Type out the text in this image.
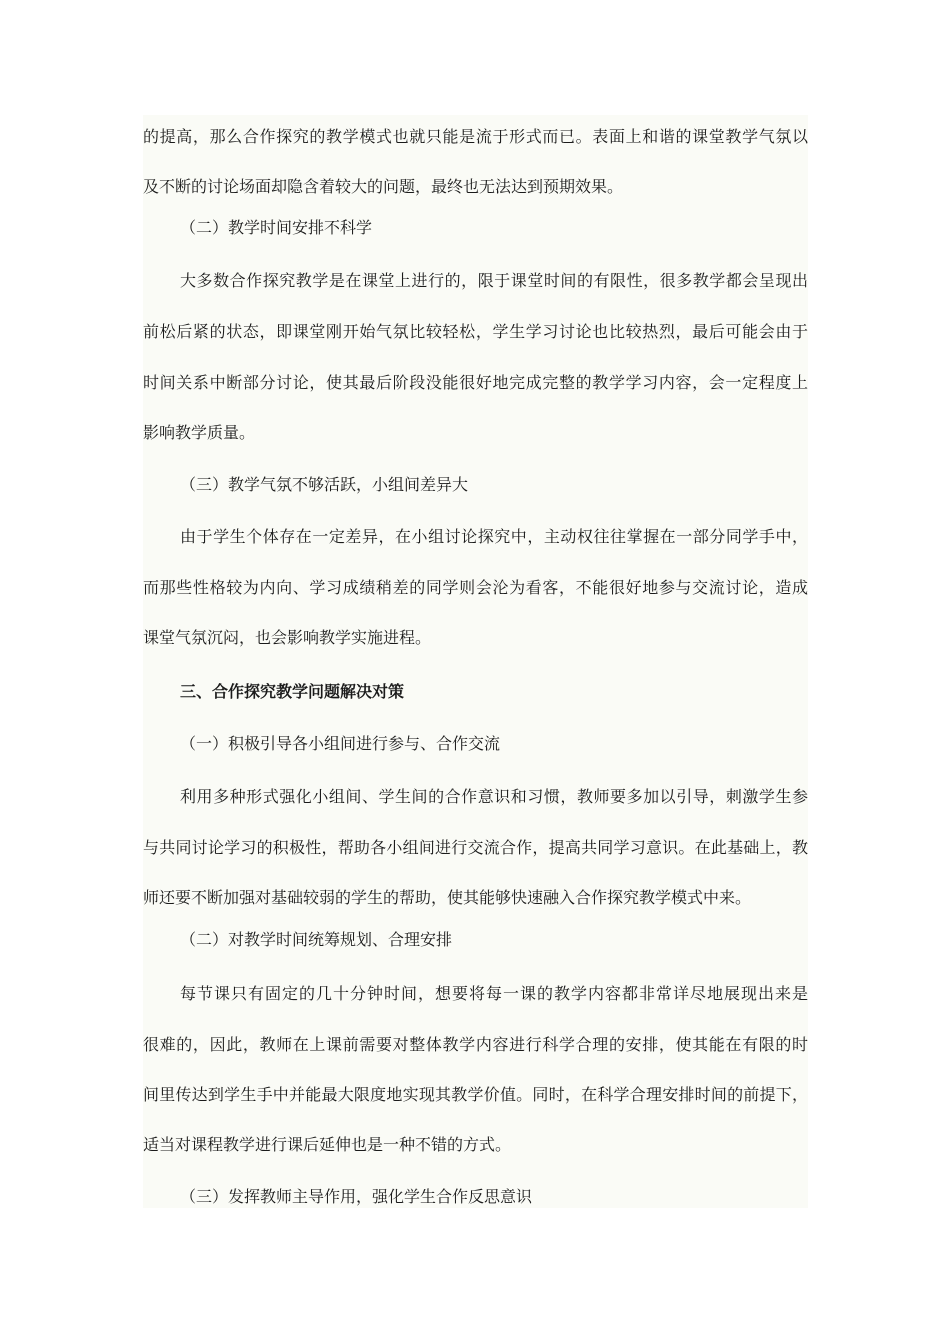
的提高，那么合作探究的教学模式也就只能是流于形式而已。表面上和谐的课堂教学气氛以
及不断的讨论场面却隐含着较大的问题，最终也无法达到预期效果。
（二）教学时间安排不科学
大多数合作探究教学是在课堂上进行的，限于课堂时间的有限性，很多教学都会呈现出
前松后紧的状态，即课堂刚开始气氛比较轻松，学生学习讨论也比较热烈，最后可能会由于
时间关系中断部分讨论，使其最后阶段没能很好地完成完整的教学学习内容，会一定程度上
影响教学质量。
（三）教学气氛不够活跃，小组间差异大
由于学生个体存在一定差异，在小组讨论探究中，主动权往往掌握在一部分同学手中，
而那些性格较为内向、学习成绩稍差的同学则会沦为看客，不能很好地参与交流讨论，造成
课堂气氛沉闷，也会影响教学实施进程。
三、合作探究教学问题解决对策
（一）积极引导各小组间进行参与、合作交流
利用多种形式强化小组间、学生间的合作意识和习惯，教师要多加以引导，刺激学生参
与共同讨论学习的积极性，帮助各小组间进行交流合作，提高共同学习意识。在此基础上，教
师还要不断加强对基础较弱的学生的帮助，使其能够快速融入合作探究教学模式中来。
（二）对教学时间统筹规划、合理安排
每节课只有固定的几十分钟时间，想要将每一课的教学内容都非常详尽地展现出来是
很难的，因此，教师在上课前需要对整体教学内容进行科学合理的安排，使其能在有限的时
间里传达到学生手中并能最大限度地实现其教学价值。同时，在科学合理安排时间的前提下，
适当对课程教学进行课后延伸也是一种不错的方式。
（三）发挥教师主导作用，强化学生合作反思意识
